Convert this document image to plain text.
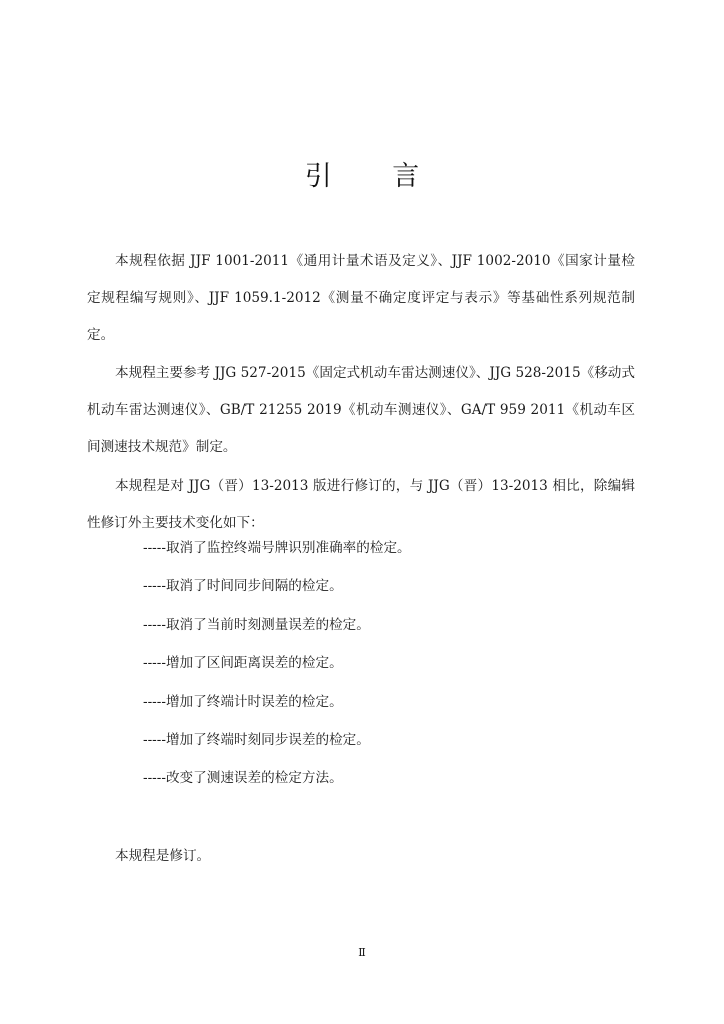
引 言

本规程依据 JJF 1001-2011《通用计量术语及定义》、JJF 1002-2010《国家计量检定规程编写规则》、JJF 1059.1-2012《测量不确定度评定与表示》等基础性系列规范制定。

本规程主要参考 JJG 527-2015《固定式机动车雷达测速仪》、JJG 528-2015《移动式机动车雷达测速仪》、GB/T 21255 2019《机动车测速仪》、GA/T 959 2011《机动车区间测速技术规范》制定。

本规程是对 JJG（晋）13-2013 版进行修订的，与 JJG（晋）13-2013 相比，除编辑性修订外主要技术变化如下：

-----取消了监控终端号牌识别准确率的检定。
-----取消了时间同步间隔的检定。
-----取消了当前时刻测量误差的检定。
-----增加了区间距离误差的检定。
-----增加了终端计时误差的检定。
-----增加了终端时刻同步误差的检定。
-----改变了测速误差的检定方法。
本规程是修订。
Ⅱ
